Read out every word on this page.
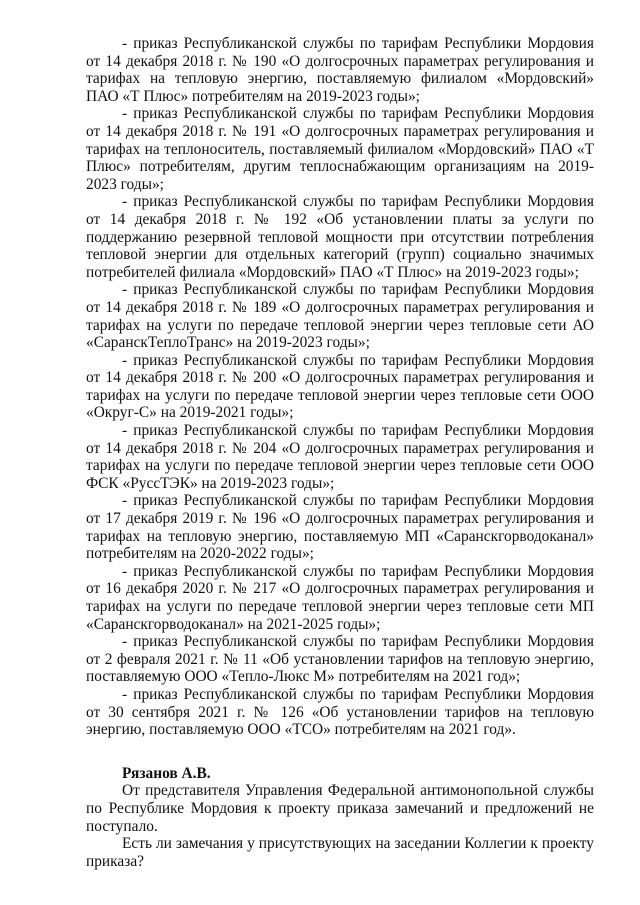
- приказ Республиканской службы по тарифам Республики Мордовия от 14 декабря 2018 г. № 190 «О долгосрочных параметрах регулирования и тарифах на тепловую энергию, поставляемую филиалом «Мордовский» ПАО «Т Плюс» потребителям на 2019-2023 годы»;

- приказ Республиканской службы по тарифам Республики Мордовия от 14 декабря 2018 г. № 191 «О долгосрочных параметрах регулирования и тарифах на теплоноситель, поставляемый филиалом «Мордовский» ПАО «Т Плюс» потребителям, другим теплоснабжающим организациям на 2019-2023 годы»;

- приказ Республиканской службы по тарифам Республики Мордовия от 14 декабря 2018 г. № 192 «Об установлении платы за услуги по поддержанию резервной тепловой мощности при отсутствии потребления тепловой энергии для отдельных категорий (групп) социально значимых потребителей филиала «Мордовский» ПАО «Т Плюс» на 2019-2023 годы»;

- приказ Республиканской службы по тарифам Республики Мордовия от 14 декабря 2018 г. № 189 «О долгосрочных параметрах регулирования и тарифах на услуги по передаче тепловой энергии через тепловые сети АО «СаранскТеплоТранс» на 2019-2023 годы»;

- приказ Республиканской службы по тарифам Республики Мордовия от 14 декабря 2018 г. № 200 «О долгосрочных параметрах регулирования и тарифах на услуги по передаче тепловой энергии через тепловые сети ООО «Округ-С» на 2019-2021 годы»;

- приказ Республиканской службы по тарифам Республики Мордовия от 14 декабря 2018 г. № 204 «О долгосрочных параметрах регулирования и тарифах на услуги по передаче тепловой энергии через тепловые сети ООО ФСК «РуссТЭК» на 2019-2023 годы»;

- приказ Республиканской службы по тарифам Республики Мордовия от 17 декабря 2019 г. № 196 «О долгосрочных параметрах регулирования и тарифах на тепловую энергию, поставляемую МП «Саранскгорводоканал» потребителям на 2020-2022 годы»;

- приказ Республиканской службы по тарифам Республики Мордовия от 16 декабря 2020 г. № 217 «О долгосрочных параметрах регулирования и тарифах на услуги по передаче тепловой энергии через тепловые сети МП «Саранскгорводоканал» на 2021-2025 годы»;

- приказ Республиканской службы по тарифам Республики Мордовия от 2 февраля 2021 г. № 11 «Об установлении тарифов на тепловую энергию, поставляемую ООО «Тепло-Люкс М» потребителям на 2021 год»;

- приказ Республиканской службы по тарифам Республики Мордовия от 30 сентября 2021 г. № 126 «Об установлении тарифов на тепловую энергию, поставляемую ООО «ТСО» потребителям на 2021 год».

Рязанов А.В.

От представителя Управления Федеральной антимонопольной службы по Республике Мордовия к проекту приказа замечаний и предложений не поступало.

Есть ли замечания у присутствующих на заседании Коллегии к проекту приказа?
